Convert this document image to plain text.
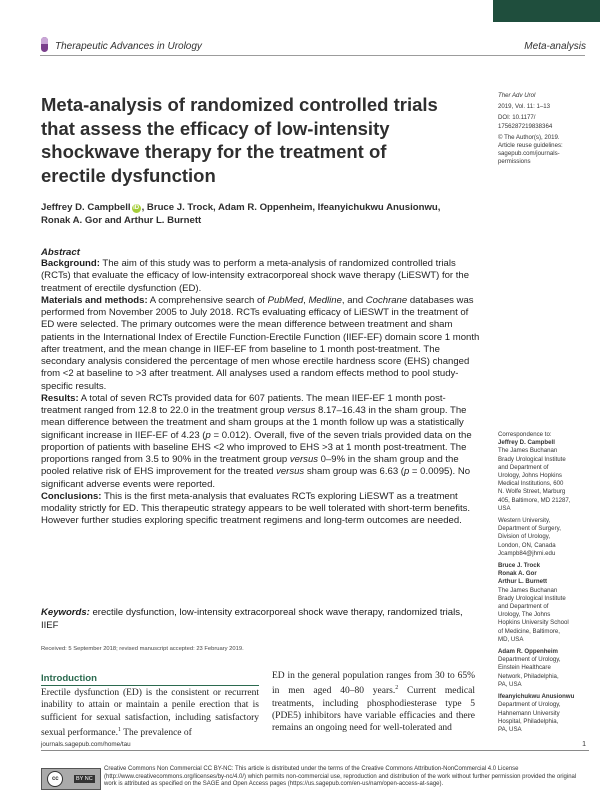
Therapeutic Advances in Urology	Meta-analysis
Meta-analysis of randomized controlled trials that assess the efficacy of low-intensity shockwave therapy for the treatment of erectile dysfunction
Jeffrey D. Campbell iD , Bruce J. Trock, Adam R. Oppenheim, Ifeanyichukwu Anusionwu,
Ronak A. Gor and Arthur L. Burnett
Ther Adv Urol
2019, Vol. 11: 1–13
DOI: 10.1177/
1756287219838364
© The Author(s), 2019.
Article reuse guidelines:
sagepub.com/journals-
permissions
Correspondence to:
Jeffrey D. Campbell
The James Buchanan
Brady Urological Institute
and Department of
Urology, Johns Hopkins
Medical Institutions, 600
N. Wolfe Street, Marburg
405, Baltimore, MD 21287,
USA
Western University,
Department of Surgery,
Division of Urology,
London, ON, Canada
Jcampb84@jhmi.edu
Bruce J. Trock
Ronak A. Gor
Arthur L. Burnett
The James Buchanan
Brady Urological Institute
and Department of
Urology, The Johns
Hopkins University School
of Medicine, Baltimore,
MD, USA
Adam R. Oppenheim
Department of Urology,
Einstein Healthcare
Network, Philadelphia,
PA, USA
Ifeanyichukwu Anusionwu
Department of Urology,
Hahnemann University
Hospital, Philadelphia,
PA, USA
Abstract

Background: The aim of this study was to perform a meta-analysis of randomized controlled trials (RCTs) that evaluate the efficacy of low-intensity extracorporeal shock wave therapy (LiESWT) for the treatment of erectile dysfunction (ED).

Materials and methods: A comprehensive search of PubMed, Medline, and Cochrane databases was performed from November 2005 to July 2018. RCTs evaluating efficacy of LiESWT in the treatment of ED were selected. The primary outcomes were the mean difference between treatment and sham patients in the International Index of Erectile Function-Erectile Function (IIEF-EF) domain score 1 month after treatment, and the mean change in IIEF-EF from baseline to 1 month post-treatment. The secondary analysis considered the percentage of men whose erectile hardness score (EHS) changed from <2 at baseline to >3 after treatment. All analyses used a random effects method to pool study-specific results.

Results: A total of seven RCTs provided data for 607 patients. The mean IIEF-EF 1 month post-treatment ranged from 12.8 to 22.0 in the treatment group versus 8.17–16.43 in the sham group. The mean difference between the treatment and sham groups at the 1 month follow up was a statistically significant increase in IIEF-EF of 4.23 (p = 0.012). Overall, five of the seven trials provided data on the proportion of patients with baseline EHS <2 who improved to EHS >3 at 1 month post-treatment. The proportions ranged from 3.5 to 90% in the treatment group versus 0–9% in the sham group and the pooled relative risk of EHS improvement for the treated versus sham group was 6.63 (p = 0.0095). No significant adverse events were reported.

Conclusions: This is the first meta-analysis that evaluates RCTs exploring LiESWT as a treatment modality strictly for ED. This therapeutic strategy appears to be well tolerated with short-term benefits. However further studies exploring specific treatment regimens and long-term outcomes are needed.

Keywords: erectile dysfunction, low-intensity extracorporeal shock wave therapy, randomized trials, IIEF
Received: 5 September 2018; revised manuscript accepted: 23 February 2019.
Introduction
Erectile dysfunction (ED) is the consistent or recurrent inability to attain or maintain a penile erection that is sufficient for sexual satisfaction, including satisfactory sexual performance.$^1$ The prevalence of
ED in the general population ranges from 30 to 65% in men aged 40–80 years.$^2$ Current medical treatments, including phosphodiesterase type 5 (PDE5) inhibitors have variable efficacies and there remains an ongoing need for well-tolerated and
journals.sagepub.com/home/tau	1
cc	BY NC
Creative Commons Non Commercial CC BY-NC: This article is distributed under the terms of the Creative Commons Attribution-NonCommercial 4.0 License (http://www.creativecommons.org/licenses/by-nc/4.0/) which permits non-commercial use, reproduction and distribution of the work without further permission provided the original work is attributed as specified on the SAGE and Open Access pages (https://us.sagepub.com/en-us/nam/open-access-at-sage).
